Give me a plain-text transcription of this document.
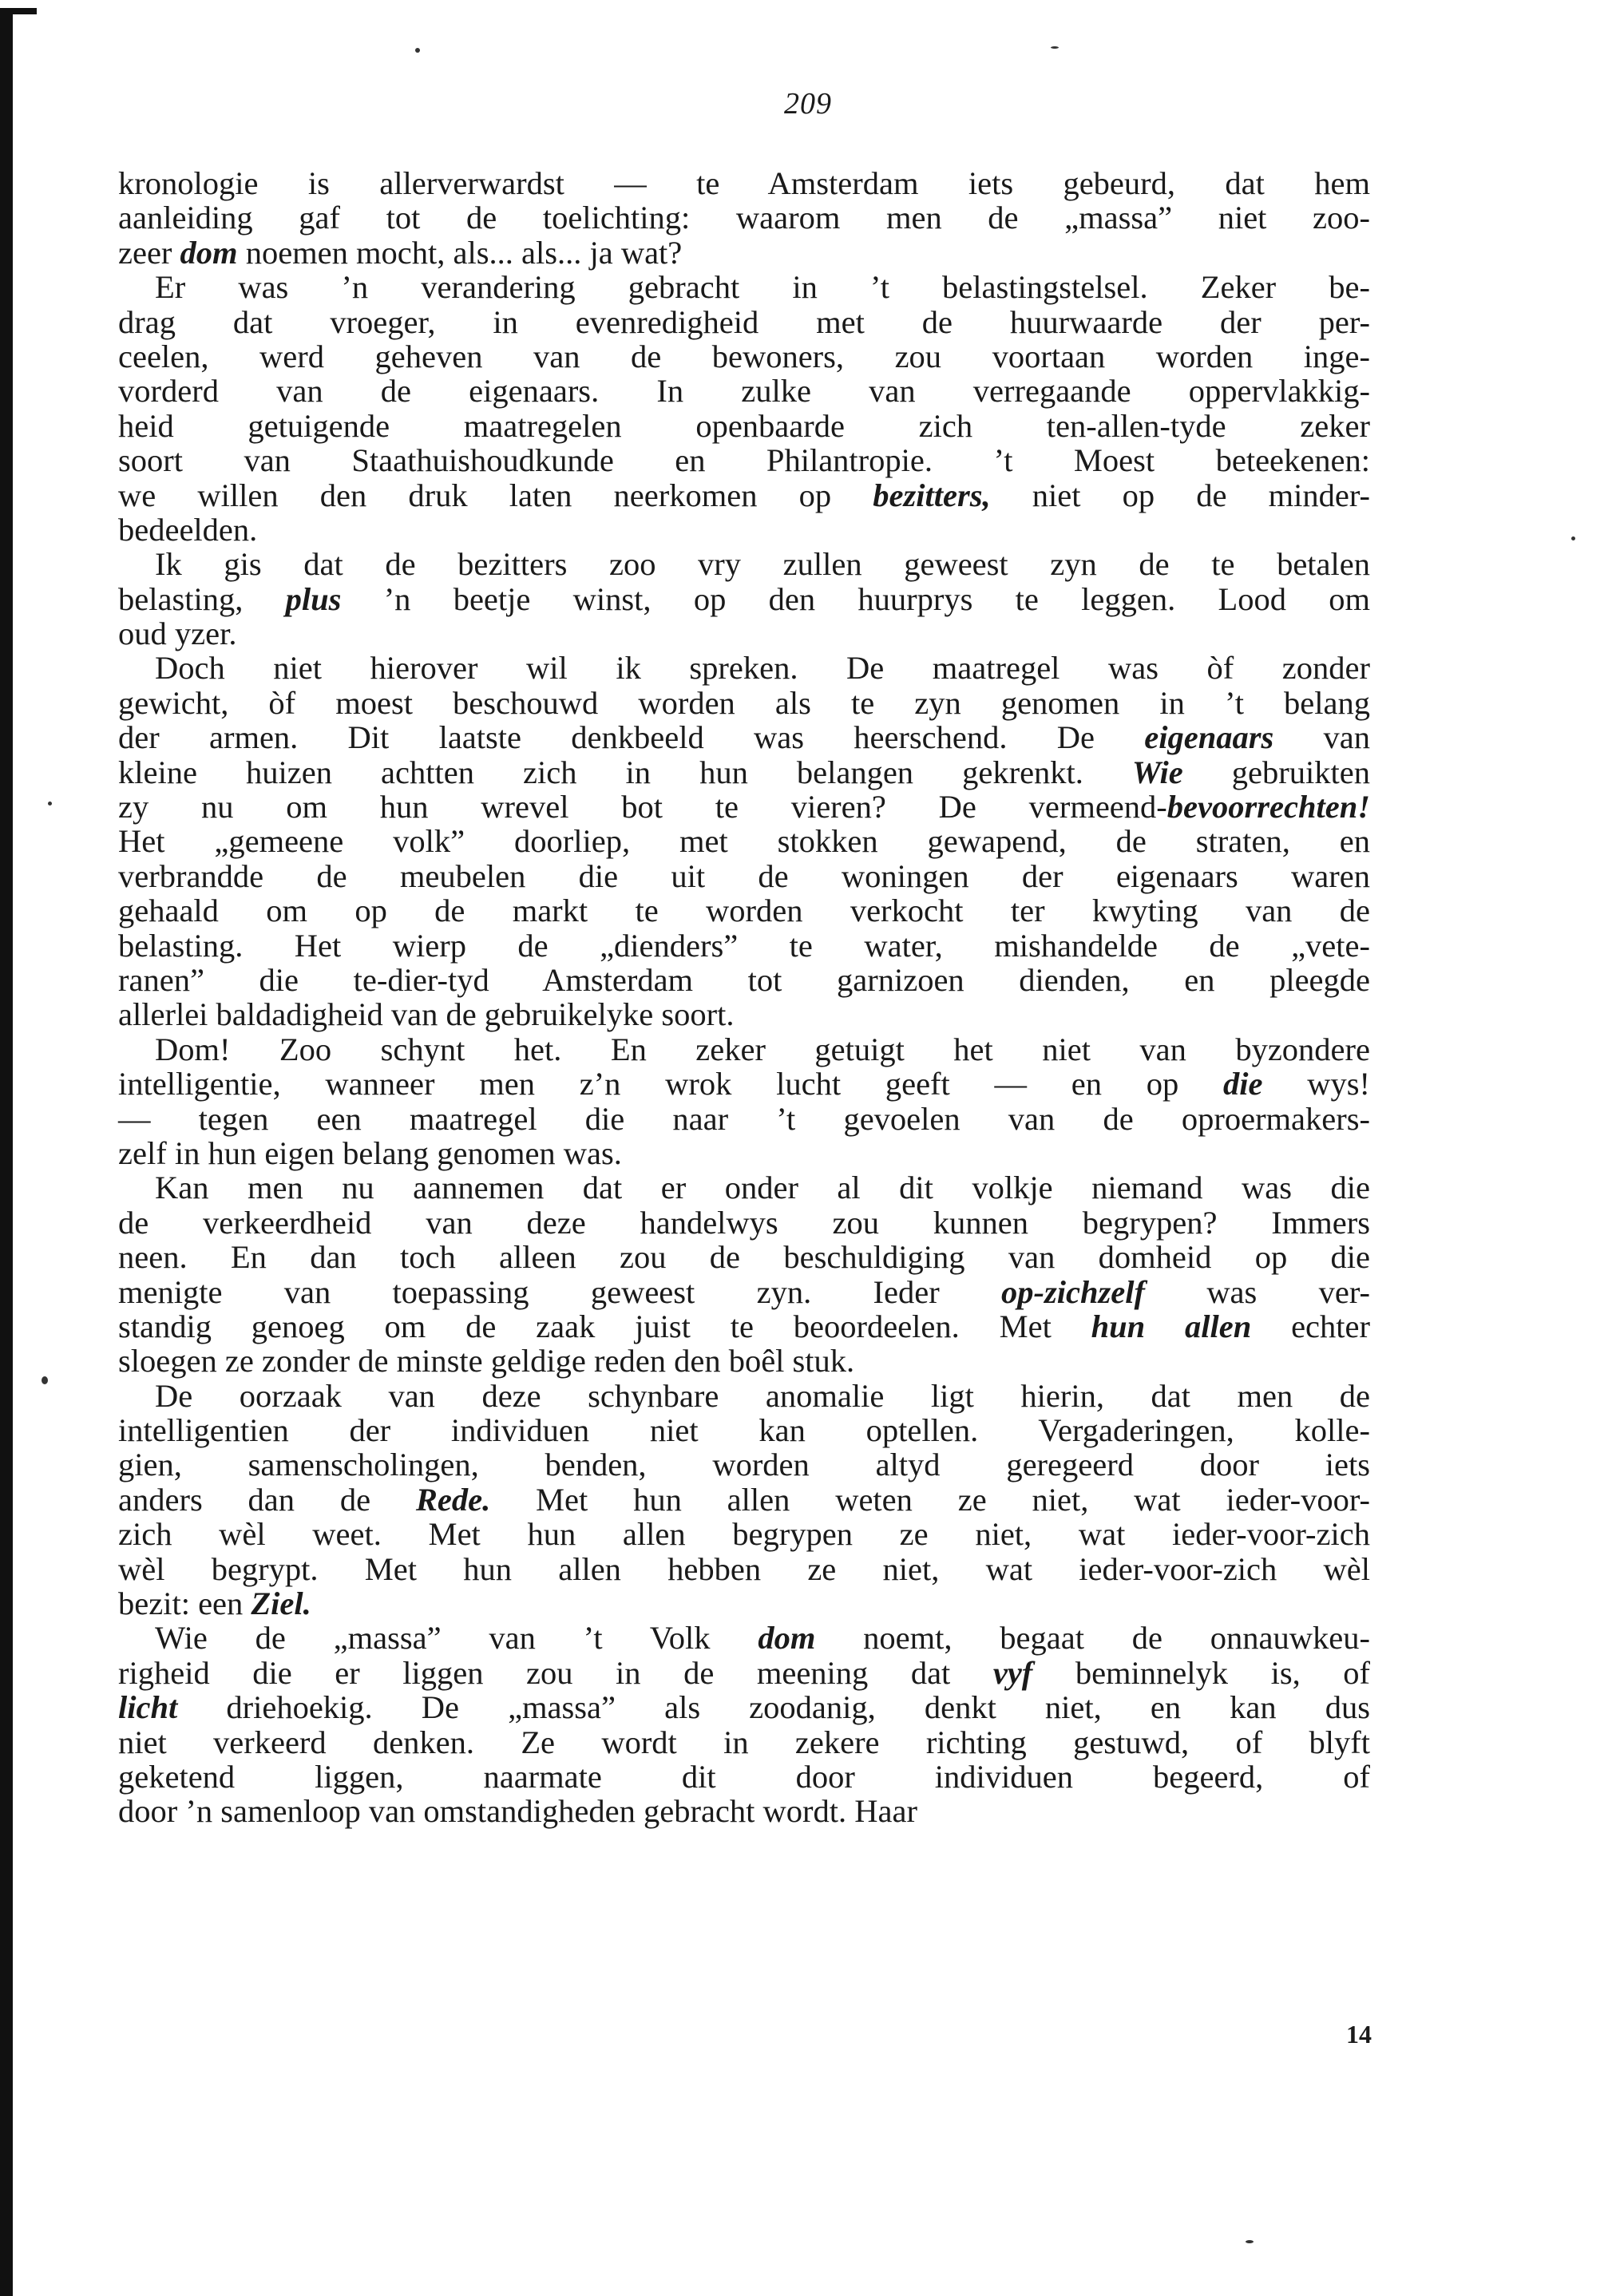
209
kronologie is allerverwardst — te Amsterdam iets gebeurd, dat hem
aanleiding gaf tot de toelichting: waarom men de „massa” niet zoo-
zeer dom noemen mocht, als... als... ja wat?
Er was ’n verandering gebracht in ’t belastingstelsel. Zeker be-
drag dat vroeger, in evenredigheid met de huurwaarde der per-
ceelen, werd geheven van de bewoners, zou voortaan worden inge-
vorderd van de eigenaars. In zulke van verregaande oppervlakkig-
heid getuigende maatregelen openbaarde zich ten-allen-tyde zeker
soort van Staathuishoudkunde en Philantropie. ’t Moest beteekenen:
we willen den druk laten neerkomen op bezitters, niet op de minder-
bedeelden.
Ik gis dat de bezitters zoo vry zullen geweest zyn de te betalen
belasting, plus ’n beetje winst, op den huurprys te leggen. Lood om
oud yzer.
Doch niet hierover wil ik spreken. De maatregel was òf zonder
gewicht, òf moest beschouwd worden als te zyn genomen in ’t belang
der armen. Dit laatste denkbeeld was heerschend. De eigenaars van
kleine huizen achtten zich in hun belangen gekrenkt. Wie gebruikten
zy nu om hun wrevel bot te vieren? De vermeend-bevoorrechten!
Het „gemeene volk” doorliep, met stokken gewapend, de straten, en
verbrandde de meubelen die uit de woningen der eigenaars waren
gehaald om op de markt te worden verkocht ter kwyting van de
belasting. Het wierp de „dienders” te water, mishandelde de „vete-
ranen” die te-dier-tyd Amsterdam tot garnizoen dienden, en pleegde
allerlei baldadigheid van de gebruikelyke soort.
Dom! Zoo schynt het. En zeker getuigt het niet van byzondere
intelligentie, wanneer men z’n wrok lucht geeft — en op die wys!
— tegen een maatregel die naar ’t gevoelen van de oproermakers-
zelf in hun eigen belang genomen was.
Kan men nu aannemen dat er onder al dit volkje niemand was die
de verkeerdheid van deze handelwys zou kunnen begrypen? Immers
neen. En dan toch alleen zou de beschuldiging van domheid op die
menigte van toepassing geweest zyn. Ieder op-zichzelf was ver-
standig genoeg om de zaak juist te beoordeelen. Met hun allen echter
sloegen ze zonder de minste geldige reden den boêl stuk.
De oorzaak van deze schynbare anomalie ligt hierin, dat men de
intelligentien der individuen niet kan optellen. Vergaderingen, kolle-
gien, samenscholingen, benden, worden altyd geregeerd door iets
anders dan de Rede. Met hun allen weten ze niet, wat ieder-voor-
zich wèl weet. Met hun allen begrypen ze niet, wat ieder-voor-zich
wèl begrypt. Met hun allen hebben ze niet, wat ieder-voor-zich wèl
bezit: een Ziel.
Wie de „massa” van ’t Volk dom noemt, begaat de onnauwkeu-
righeid die er liggen zou in de meening dat vyf beminnelyk is, of
licht driehoekig. De „massa” als zoodanig, denkt niet, en kan dus
niet verkeerd denken. Ze wordt in zekere richting gestuwd, of blyft
geketend liggen, naarmate dit door individuen begeerd, of
door ’n samenloop van omstandigheden gebracht wordt. Haar
14
